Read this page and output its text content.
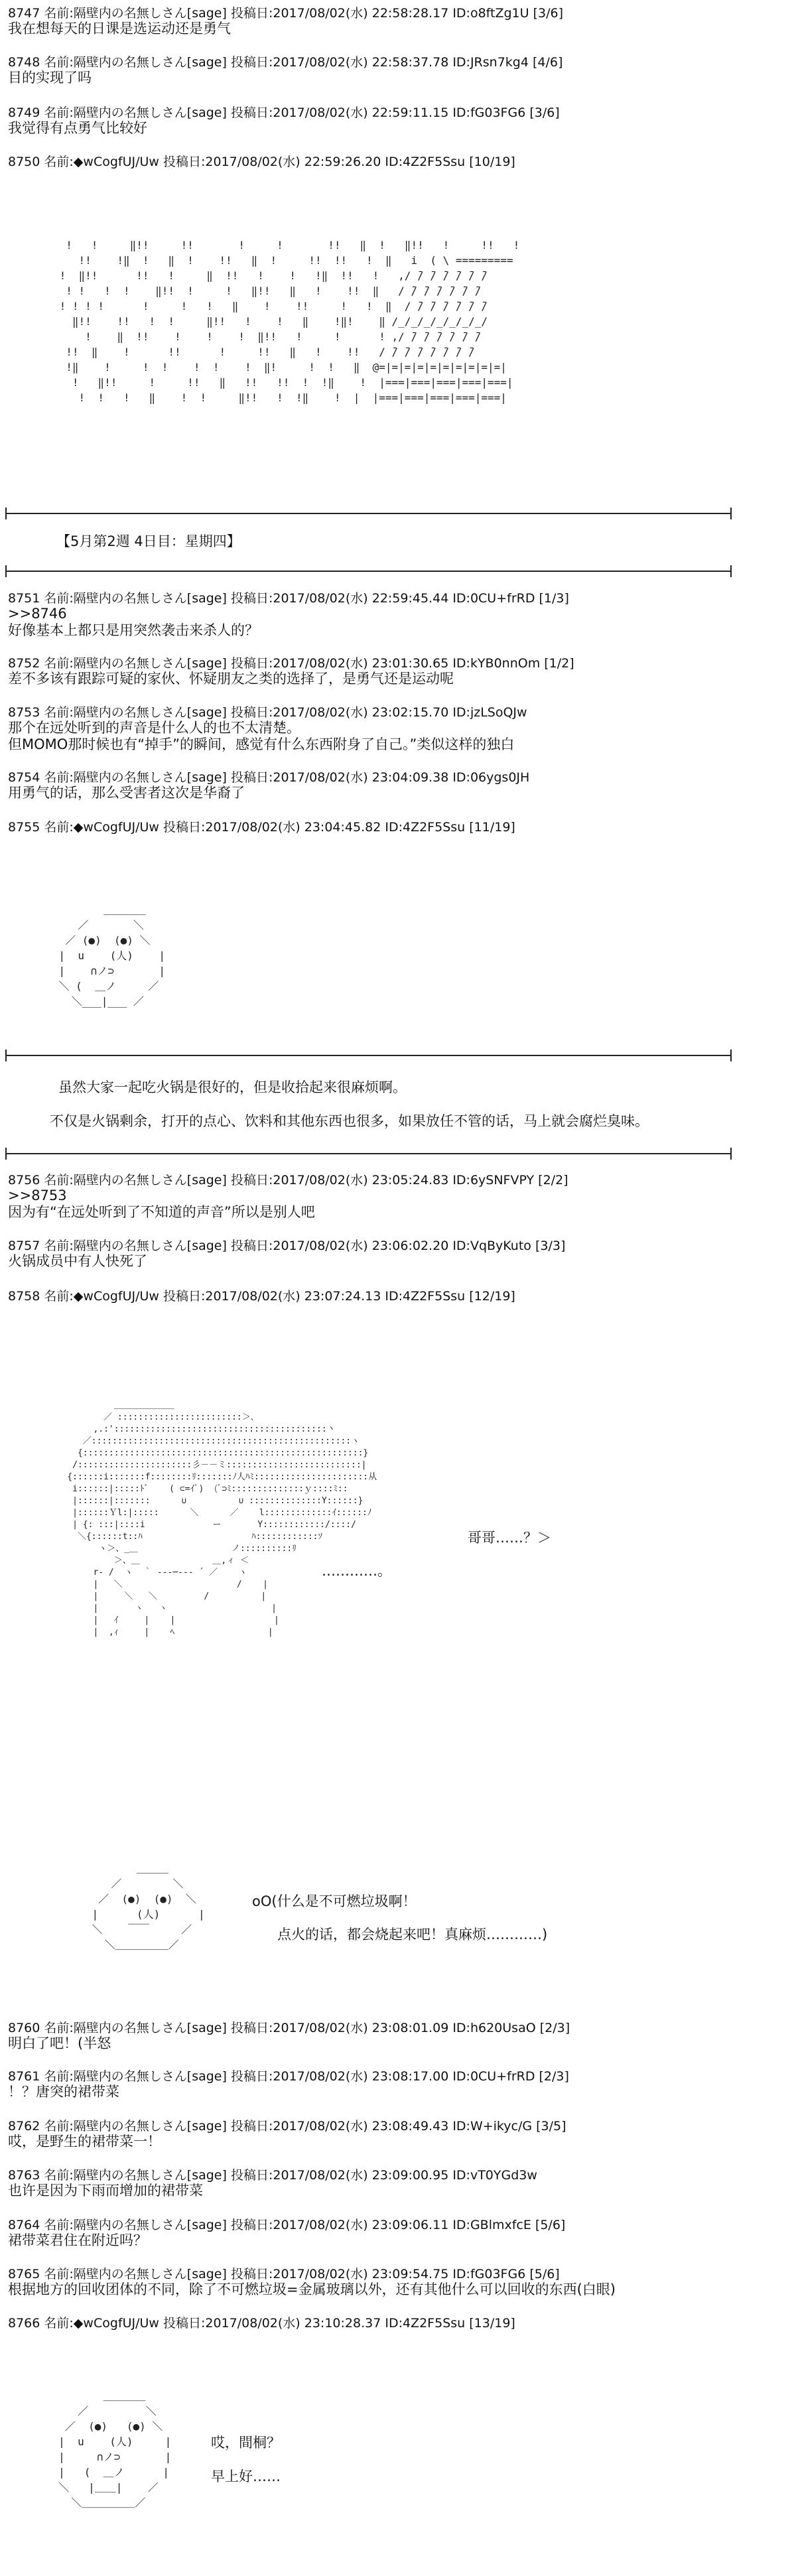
8747 名前:隔壁内の名無しさん[sage] 投稿日:2017/08/02(水) 22:58:28.17 ID:o8ftZg1U [3/6]
我在想每天的日课是选运动还是勇气
8748 名前:隔壁内の名無しさん[sage] 投稿日:2017/08/02(水) 22:58:37.78 ID:JRsn7kg4 [4/6]
目的实现了吗
8749 名前:隔壁内の名無しさん[sage] 投稿日:2017/08/02(水) 22:59:11.15 ID:fG03FG6 [3/6]
我觉得有点勇气比较好
8750 名前:◆wCogfUJ/Uw 投稿日:2017/08/02(水) 22:59:26.20 ID:4Z2F5Ssu [10/19]
!   !     ‖!!     !!       !     !       !!   ‖  !   ‖!!   !     !!   !
!!    !‖  !   ‖  !    !!   ‖  !     !!  !!   !  ‖   i  ( \ =========
!  ‖!!      !!   !     ‖  !!   !    !   !‖  !!   !   ,/ ̄/ ̄/ ̄/ ̄/ ̄/ ̄/
! !   !  !    ‖!!  !     !   ‖!!   ‖   !    !!  ‖   / ̄/ ̄/ ̄/ ̄/ ̄/ ̄/
! ! ! !      !     !   !   ‖    !    !!     !   !  ‖  / ̄/ ̄/ ̄/ ̄/ ̄/ ̄/
‖!!    !!   !  !     ‖!!   !    !   ‖    !‖!    ‖ /_/_/_/_/_/_/_/
!    ‖  !!    !    !    !  ‖!!   !     !      ! ,/ ̄/ ̄/ ̄/ ̄/ ̄/ ̄/
!!  ‖    !      !!      !     !!   ‖   !    !!   / ̄/ ̄/ ̄/ ̄/ ̄/ ̄/ ̄/
!‖    !     !  !    !  !    !  ‖!     !  !   ‖  @=|=|=|=|=|=|=|=|=|=|
!   ‖!!     !     !!   ‖   !!   !!  !  !‖    !  |===|===|===|===|===|
!  !   !   ‖    !  !     ‖!!   !  !‖    !  |  |===|===|===|===|===|
【5月第2週 4日目：星期四】
8751 名前:隔壁内の名無しさん[sage] 投稿日:2017/08/02(水) 22:59:45.44 ID:0CU+frRD [1/3]
>>8746
好像基本上都只是用突然袭击来杀人的？
8752 名前:隔壁内の名無しさん[sage] 投稿日:2017/08/02(水) 23:01:30.65 ID:kYB0nnOm [1/2]
差不多该有跟踪可疑的家伙、怀疑朋友之类的选择了，是勇气还是运动呢
8753 名前:隔壁内の名無しさん[sage] 投稿日:2017/08/02(水) 23:02:15.70 ID:jzLSoQJw
那个在远处听到的声音是什么人的也不太清楚。
但MOMO那时候也有“掉手”的瞬间，感觉有什么东西附身了自己。”类似这样的独白
8754 名前:隔壁内の名無しさん[sage] 投稿日:2017/08/02(水) 23:04:09.38 ID:06ygs0JH
用勇气的话，那么受害者这次是华裔了
8755 名前:◆wCogfUJ/Uw 投稿日:2017/08/02(水) 23:04:45.82 ID:4Z2F5Ssu [11/19]
＿＿＿＿
／       ＼
／ (●)  (●) ＼
|  u    (人)    |
|    ∩ノ⊃       |
＼ (  ＿ノ     ／
＼___|___ ／
虽然大家一起吃火锅是很好的，但是收拾起来很麻烦啊。
不仅是火锅剩余，打开的点心、饮料和其他东西也很多，如果放任不管的话，马上就会腐烂臭味。
8756 名前:隔壁内の名無しさん[sage] 投稿日:2017/08/02(水) 23:05:24.83 ID:6ySNFVPY [2/2]
>>8753
因为有“在远处听到了不知道的声音”所以是别人吧
8757 名前:隔壁内の名無しさん[sage] 投稿日:2017/08/02(水) 23:06:02.20 ID:VqByKuto [3/3]
火锅成员中有人快死了
8758 名前:◆wCogfUJ/Uw 投稿日:2017/08/02(水) 23:07:24.13 ID:4Z2F5Ssu [12/19]
＿＿＿＿＿＿＿
／ ::::::::::::::::::::::::＞､
,.:':::::::::::::::::::::::::::::::::::::::::丶
／::::::::::::::::::::::::::::::::::::::::::::::::::ヽ
{::::::::::::::::::::::::::::::::::::::::::::::::::::::}
/::::::::::::::::::::::彡－－ミ::::::::::::::::::::::::::|
{::::::i:::::::f::::::::ﾘ:::::::ﾉ人ﾊﾐ::::::::::::::::::::::从
i::::::|:::::ﾄﾞ    ( ⊂=ｲﾟ)  (ﾞ⊃ﾐ::::::::::::::ｙ::::ﾐ::
|::::::|:::::::      ∪          ∪ ::::::::::::::Y::::::}
|::::::Ｙl:|:::::      ＼      ／    l:::::::::::::ｲ::::::ﾉ
| {: :::|::::i             ー       Y::::::::::::/::::/
＼{::::::t::ﾊ                     ﾊ::::::::::::ｿ
ヽ＞、_＿                  ノ::::::::::ﾘ
＞、＿              ＿,ィ ＜
r‐ /  ヽ  ｀ ‐-‐─--‐ ´ ／    ヽ
|   ＼                      /    |
|     ＼   ＼         /          |
|       ヽ   ヽ                    |
|   ｲ     |    |                   |
|  ,ｨ     |    ﾍ                  |
哥哥……？＞
…………。
＿＿＿
／        ＼
／  (●)  (●)  ＼
|      (人)      |
＼    ￣￣     ／
＼＿＿＿＿＿／
oO(什么是不可燃垃圾啊！
点火的话，都会烧起来吧！真麻烦…………)
8760 名前:隔壁内の名無しさん[sage] 投稿日:2017/08/02(水) 23:08:01.09 ID:h620UsaO [2/3]
明白了吧！(半怒
8761 名前:隔壁内の名無しさん[sage] 投稿日:2017/08/02(水) 23:08:17.00 ID:0CU+frRD [2/3]
！？唐突的裙带菜
8762 名前:隔壁内の名無しさん[sage] 投稿日:2017/08/02(水) 23:08:49.43 ID:W+ikyc/G [3/5]
哎，是野生的裙带菜一！
8763 名前:隔壁内の名無しさん[sage] 投稿日:2017/08/02(水) 23:09:00.95 ID:vT0YGd3w
也许是因为下雨而增加的裙带菜
8764 名前:隔壁内の名無しさん[sage] 投稿日:2017/08/02(水) 23:09:06.11 ID:GBlmxfcE [5/6]
裙带菜君住在附近吗？
8765 名前:隔壁内の名無しさん[sage] 投稿日:2017/08/02(水) 23:09:54.75 ID:fG03FG6 [5/6]
根据地方的回收团体的不同，除了不可燃垃圾=金属玻璃以外，还有其他什么可以回收的东西(白眼)
8766 名前:◆wCogfUJ/Uw 投稿日:2017/08/02(水) 23:10:28.37 ID:4Z2F5Ssu [13/19]
＿＿＿＿
／         ＼
／  (●)   (●) ＼
|  u    (人)     |
|     ∩ノ⊃       |
|   (  ＿ノ      |
＼   |＿＿|    ／
＼＿＿＿＿＿／
哎，間桐？
早上好……
